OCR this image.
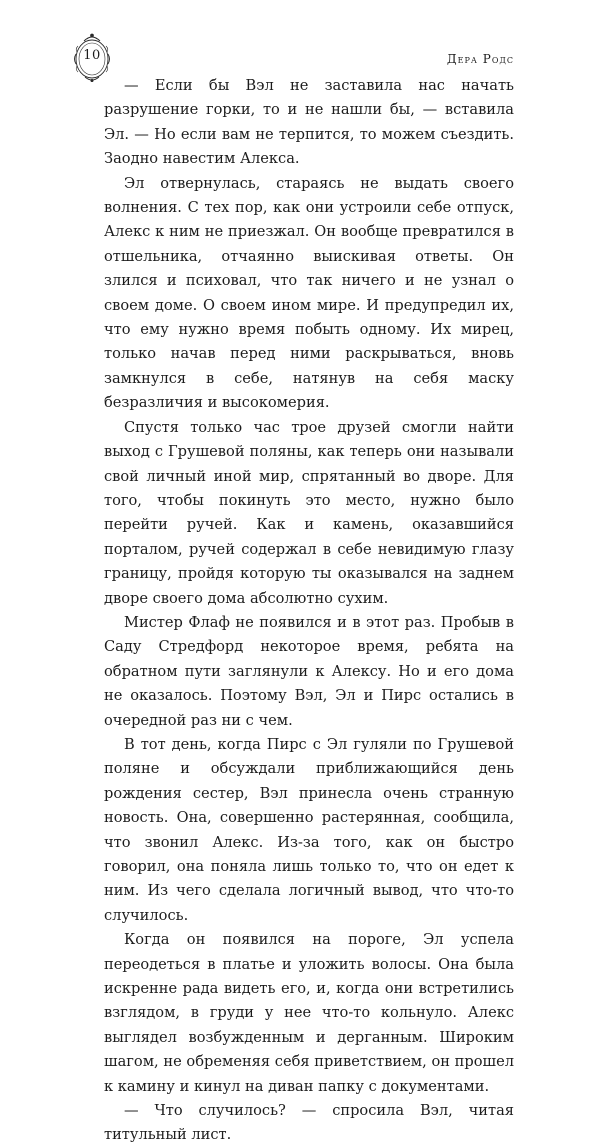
10	Дера Родс

— Если бы Вэл не заставила нас начать разрушение горки, то и не нашли бы, — вставила Эл. — Но если вам не терпится, то можем съездить. Заодно навестим Алекса.

Эл отвернулась, стараясь не выдать своего волнения. С тех пор, как они устроили себе отпуск, Алекс к ним не приезжал. Он вообще превратился в отшельника, отчаянно выискивая ответы. Он злился и психовал, что так ничего и не узнал о своем доме. О своем ином мире. И предупредил их, что ему нужно время побыть одному. Их мирец, только начав перед ними раскрываться, вновь замкнулся в себе, натянув на себя маску безразличия и высокомерия.

Спустя только час трое друзей смогли найти выход с Грушевой поляны, как теперь они называли свой личный иной мир, спрятанный во дворе. Для того, чтобы покинуть это место, нужно было перейти ручей. Как и камень, оказавшийся порталом, ручей содержал в себе невидимую глазу границу, пройдя которую ты оказывался на заднем дворе своего дома абсолютно сухим.

Мистер Флаф не появился и в этот раз. Пробыв в Саду Стредфорд некоторое время, ребята на обратном пути заглянули к Алексу. Но и его дома не оказалось. Поэтому Вэл, Эл и Пирс остались в очередной раз ни с чем.

В тот день, когда Пирс с Эл гуляли по Грушевой поляне и обсуждали приближающийся день рождения сестер, Вэл принесла очень странную новость. Она, совершенно растерянная, сообщила, что звонил Алекс. Из-за того, как он быстро говорил, она поняла лишь только то, что он едет к ним. Из чего сделала логичный вывод, что что-то случилось.

Когда он появился на пороге, Эл успела переодеться в платье и уложить волосы. Она была искренне рада видеть его, и, когда они встретились взглядом, в груди у нее что-то кольнуло. Алекс выглядел возбужденным и дерганным. Широким шагом, не обременяя себя приветствием, он прошел к камину и кинул на диван папку с документами.

— Что случилось? — спросила Вэл, читая титульный лист.
